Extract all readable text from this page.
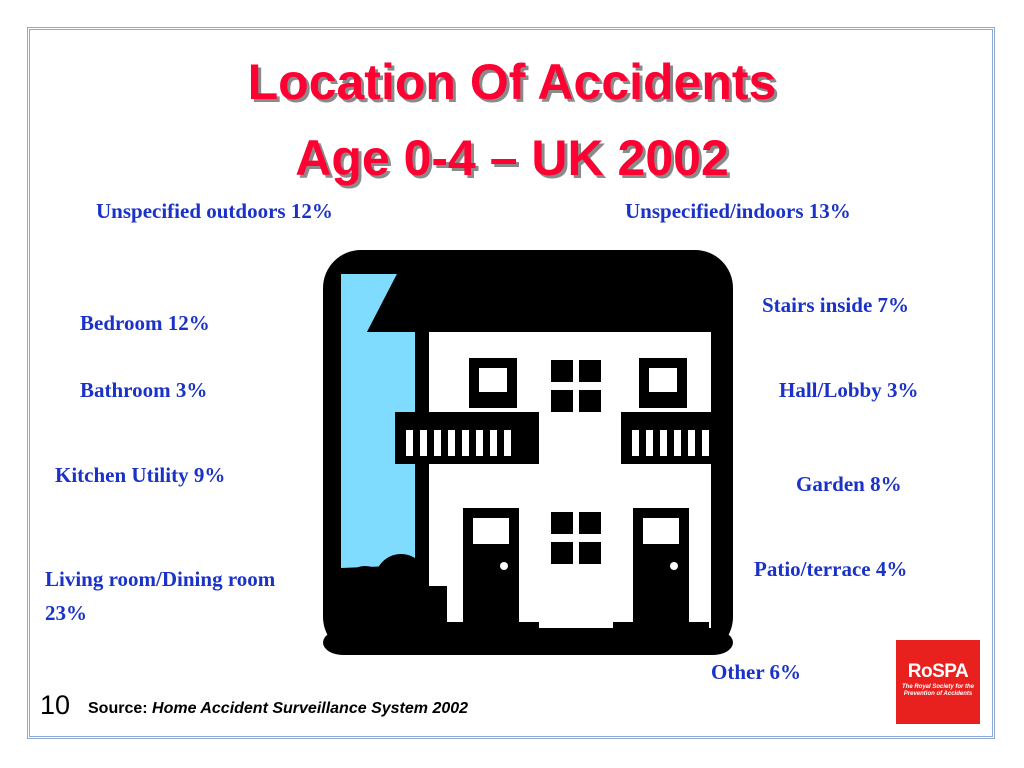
Location Of Accidents
Age 0-4 – UK 2002
Unspecified outdoors 12%	Unspecified/indoors 13%
Bedroom 12%
Stairs inside 7%
Bathroom 3%	Hall/Lobby 3%
Kitchen Utility 9%	Garden 8%
Living room/Dining room 23%
Patio/terrace 4%
Other 6%
10 Source: Home Accident Surveillance System 2002
RoSPA
The Royal Society for the Prevention of Accidents
